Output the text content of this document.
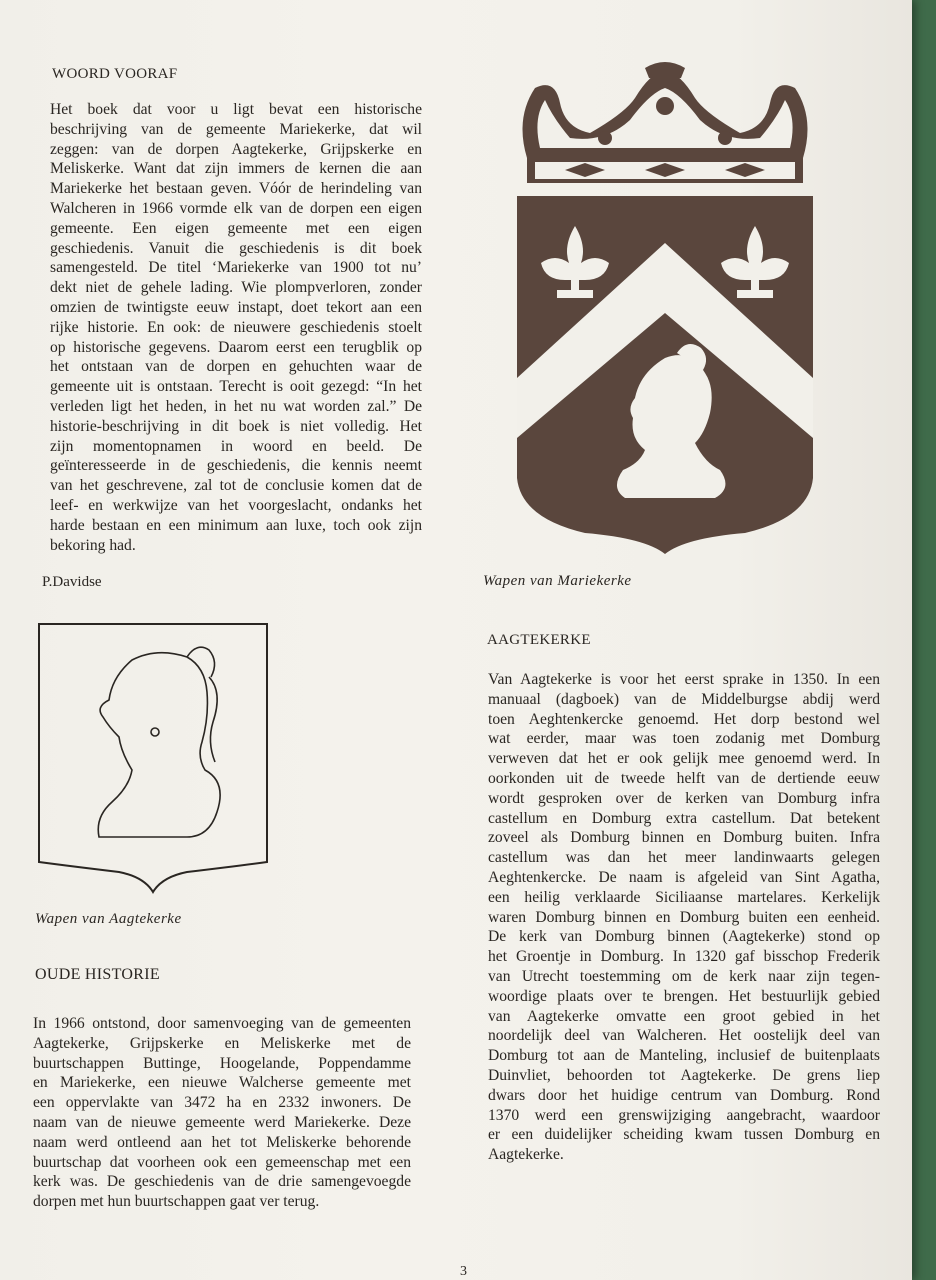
WOORD VOORAF
Het boek dat voor u ligt bevat een historische
beschrijving van de gemeente Mariekerke, dat wil
zeggen: van de dorpen Aagtekerke, Grijpskerke en
Meliskerke. Want dat zijn immers de kernen die aan
Mariekerke het bestaan geven. Vóór de herindeling van
Walcheren in 1966 vormde elk van de dorpen een eigen
gemeente. Een eigen gemeente met een eigen
geschiedenis. Vanuit die geschiedenis is dit boek
samengesteld. De titel ‘Mariekerke van 1900 tot nu’
dekt niet de gehele lading. Wie plompverloren, zonder
omzien de twintigste eeuw instapt, doet tekort aan een
rijke historie. En ook: de nieuwere geschiedenis stoelt
op historische gegevens. Daarom eerst een terugblik op
het ontstaan van de dorpen en gehuchten waar de
gemeente uit is ontstaan. Terecht is ooit gezegd: “In het
verleden ligt het heden, in het nu wat worden zal.” De
historie-beschrijving in dit boek is niet volledig. Het
zijn momentopnamen in woord en beeld. De
geïnteresseerde in de geschiedenis, die kennis neemt
van het geschrevene, zal tot de conclusie komen dat de
leef- en werkwijze van het voorgeslacht, ondanks het
harde bestaan en een minimum aan luxe, toch ook zijn
bekoring had.
P.Davidse	Wapen van Mariekerke
Wapen van Aagtekerke
AAGTEKERKE
Van Aagtekerke is voor het eerst sprake in 1350. In een
manuaal (dagboek) van de Middelburgse abdij werd
toen Aeghtenkercke genoemd. Het dorp bestond wel
wat eerder, maar was toen zodanig met Domburg
verweven dat het er ook gelijk mee genoemd werd. In
oorkonden uit de tweede helft van de dertiende eeuw
wordt gesproken over de kerken van Domburg infra
castellum en Domburg extra castellum. Dat betekent
zoveel als Domburg binnen en Domburg buiten. Infra
castellum was dan het meer landinwaarts gelegen
Aeghtenkercke. De naam is afgeleid van Sint Agatha,
een heilig verklaarde Siciliaanse martelares. Kerkelijk
waren Domburg binnen en Domburg buiten een eenheid.
De kerk van Domburg binnen (Aagtekerke) stond op
het Groentje in Domburg. In 1320 gaf bisschop Frederik
van Utrecht toestemming om de kerk naar zijn tegen-
woordige plaats over te brengen. Het bestuurlijk gebied
van Aagtekerke omvatte een groot gebied in het
noordelijk deel van Walcheren. Het oostelijk deel van
Domburg tot aan de Manteling, inclusief de buitenplaats
Duinvliet, behoorden tot Aagtekerke. De grens liep
dwars door het huidige centrum van Domburg. Rond
1370 werd een grenswijziging aangebracht, waardoor
er een duidelijker scheiding kwam tussen Domburg en
Aagtekerke.
OUDE HISTORIE
In 1966 ontstond, door samenvoeging van de gemeenten
Aagtekerke, Grijpskerke en Meliskerke met de
buurtschappen Buttinge, Hoogelande, Poppendamme
en Mariekerke, een nieuwe Walcherse gemeente met
een oppervlakte van 3472 ha en 2332 inwoners. De
naam van de nieuwe gemeente werd Mariekerke. Deze
naam werd ontleend aan het tot Meliskerke behorende
buurtschap dat voorheen ook een gemeenschap met een
kerk was. De geschiedenis van de drie samengevoegde
dorpen met hun buurtschappen gaat ver terug.
3
